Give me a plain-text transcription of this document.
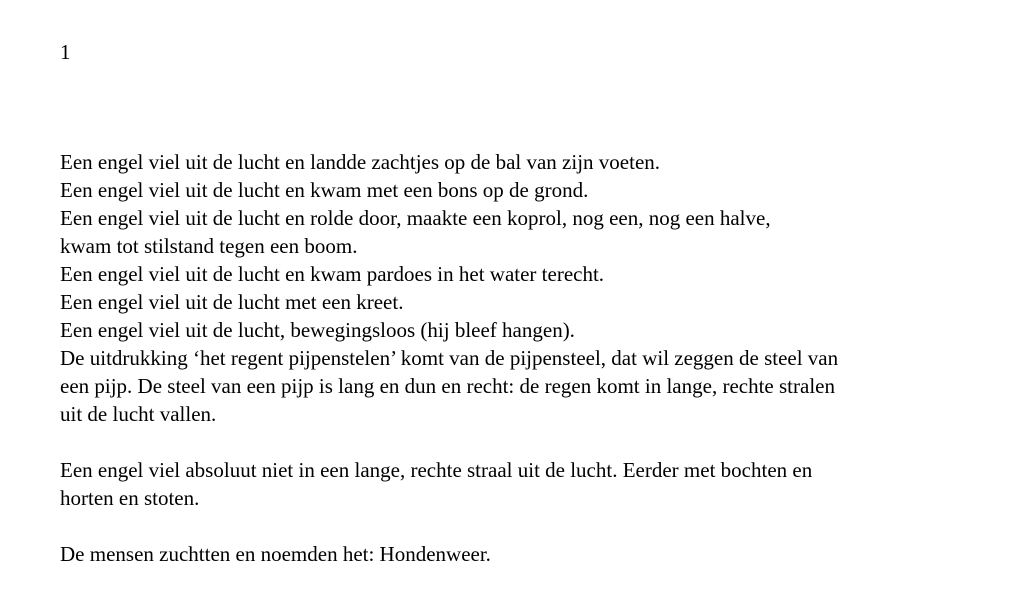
1

Een engel viel uit de lucht en landde zachtjes op de bal van zijn voeten.
Een engel viel uit de lucht en kwam met een bons op de grond.
Een engel viel uit de lucht en rolde door, maakte een koprol, nog een, nog een halve,
kwam tot stilstand tegen een boom.
Een engel viel uit de lucht en kwam pardoes in het water terecht.
Een engel viel uit de lucht met een kreet.
Een engel viel uit de lucht, bewegingsloos (hij bleef hangen).
De uitdrukking ‘het regent pijpenstelen’ komt van de pijpensteel, dat wil zeggen de steel van
een pijp. De steel van een pijp is lang en dun en recht: de regen komt in lange, rechte stralen
uit de lucht vallen.

Een engel viel absoluut niet in een lange, rechte straal uit de lucht. Eerder met bochten en
horten en stoten.

De mensen zuchtten en noemden het: Hondenweer.
